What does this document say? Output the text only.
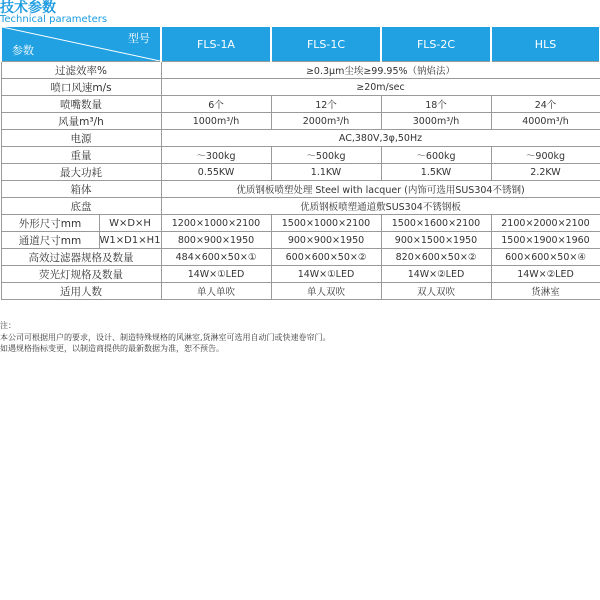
技术参数
Technical parameters
型号
参数		FLS-1A	FLS-1C	FLS-2C	HLS
过滤效率%		≥0.3μm尘埃≥99.95%（钠焰法）			
喷口风速m/s		≥20m/sec			
喷嘴数量		6个	12个	18个	24个
风量m³/h		1000m³/h	2000m³/h	3000m³/h	4000m³/h
电源		AC,380V,3φ,50Hz			
重量		～300kg	～500kg	～600kg	～900kg
最大功耗		0.55KW	1.1KW	1.5KW	2.2KW
箱体		优质钢板喷塑处理 Steel with lacquer (内饰可选用SUS304不锈钢)			
底盘		优质钢板喷塑通道敷SUS304不锈钢板			
外形尺寸mm	W×D×H	1200×1000×2100	1500×1000×2100	1500×1600×2100	2100×2000×2100
通道尺寸mm	W1×D1×H1	800×900×1950	900×900×1950	900×1500×1950	1500×1900×1960
高效过滤器规格及数量		484×600×50×①	600×600×50×②	820×600×50×②	600×600×50×④
荧光灯规格及数量		14W×①LED	14W×①LED	14W×②LED	14W×②LED
适用人数		单人单吹	单人双吹	双人双吹	货淋室
注：
本公司可根据用户的要求，设计、制造特殊规格的风淋室,货淋室可选用自动门或快速卷帘门。
如遇规格指标变更，以制造商提供的最新数据为准，恕不预告。
